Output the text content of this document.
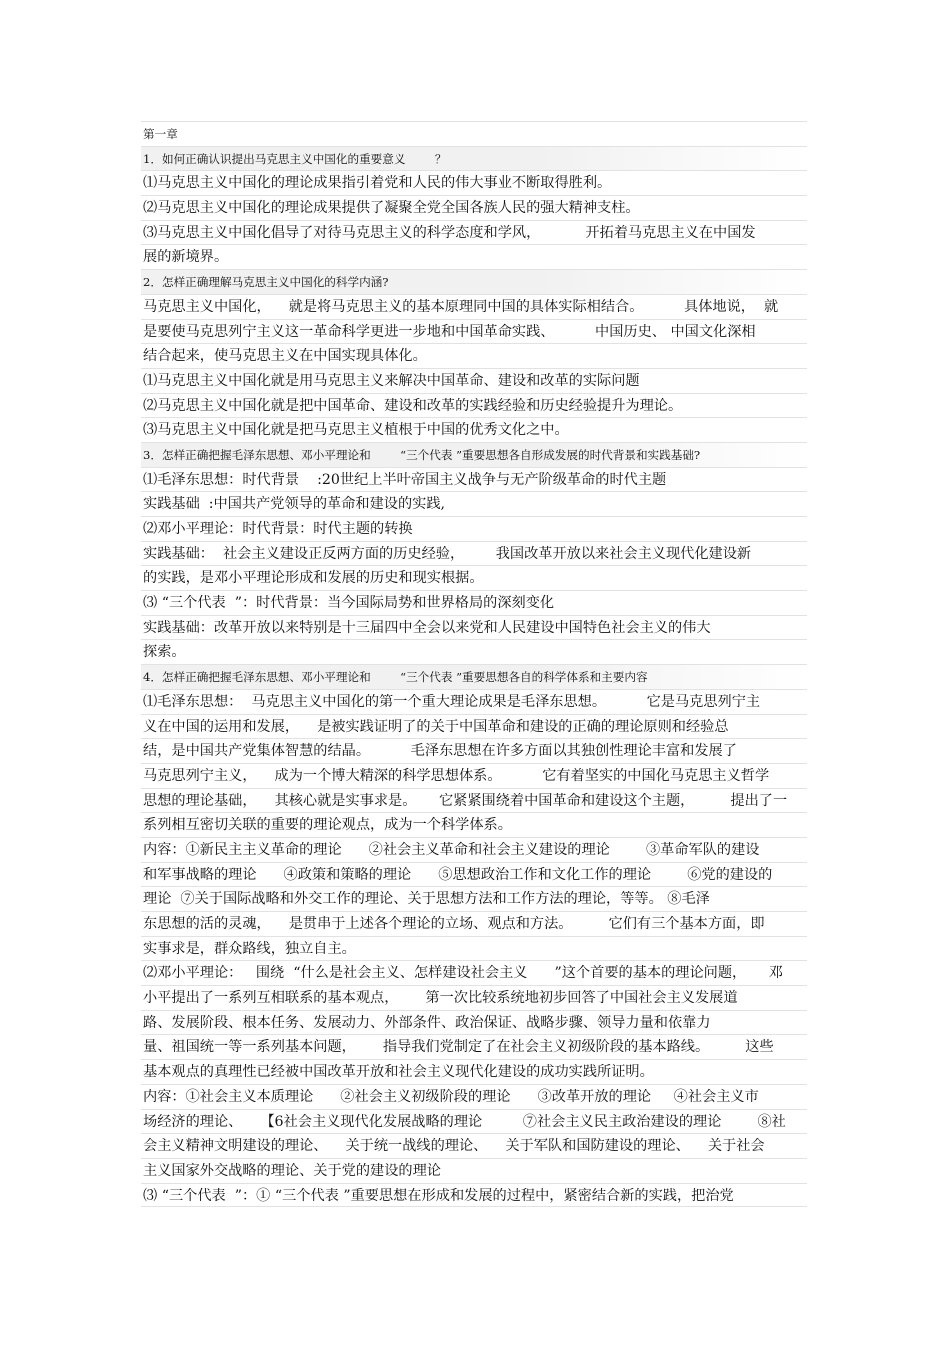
第一章
1．如何正确认识提出马克思主义中国化的重要意义        ？
⑴马克思主义中国化的理论成果指引着党和人民的伟大事业不断取得胜利。
⑵马克思主义中国化的理论成果提供了凝聚全党全国各族人民的强大精神支柱。
⑶马克思主义中国化倡导了对待马克思主义的科学态度和学风，          开拓着马克思主义在中国发
展的新境界。
2．怎样正确理解马克思主义中国化的科学内涵?
马克思主义中国化，    就是将马克思主义的基本原理同中国的具体实际相结合。         具体地说，  就
是要使马克思列宁主义这一革命科学更进一步地和中国革命实践、         中国历史、 中国文化深相
结合起来，使马克思主义在中国实现具体化。
⑴马克思主义中国化就是用马克思主义来解决中国革命、建设和改革的实际问题
⑵马克思主义中国化就是把中国革命、建设和改革的实践经验和历史经验提升为理论。
⑶马克思主义中国化就是把马克思主义植根于中国的优秀文化之中。
3．怎样正确把握毛泽东思想、邓小平理论和        “三个代表 ”重要思想各自形成发展的时代背景和实践基础?
⑴毛泽东思想：时代背景    :20世纪上半叶帝国主义战争与无产阶级革命的时代主题
实践基础  :中国共产党领导的革命和建设的实践,
⑵邓小平理论：时代背景：时代主题的转换
实践基础：  社会主义建设正反两方面的历史经验，       我国改革开放以来社会主义现代化建设新
的实践，是邓小平理论形成和发展的历史和现实根据。
⑶ “三个代表  ”：时代背景：当今国际局势和世界格局的深刻变化
实践基础：改革开放以来特别是十三届四中全会以来党和人民建设中国特色社会主义的伟大
探索。
4．怎样正确把握毛泽东思想、邓小平理论和        “三个代表 ”重要思想各自的科学体系和主要内容
⑴毛泽东思想：  马克思主义中国化的第一个重大理论成果是毛泽东思想。         它是马克思列宁主
义在中国的运用和发展，    是被实践证明了的关于中国革命和建设的正确的理论原则和经验总
结，是中国共产党集体智慧的结晶。         毛泽东思想在许多方面以其独创性理论丰富和发展了
马克思列宁主义，    成为一个博大精深的科学思想体系。         它有着坚实的中国化马克思主义哲学
思想的理论基础，    其核心就是实事求是。     它紧紧围绕着中国革命和建设这个主题，        提出了一
系列相互密切关联的重要的理论观点，成为一个科学体系。
内容：①新民主主义革命的理论      ②社会主义革命和社会主义建设的理论        ③革命军队的建设
和军事战略的理论      ④政策和策略的理论      ⑤思想政治工作和文化工作的理论        ⑥党的建设的
理论  ⑦关于国际战略和外交工作的理论、关于思想方法和工作方法的理论，等等。 ⑧毛泽
东思想的活的灵魂，    是贯串于上述各个理论的立场、观点和方法。        它们有三个基本方面，即
实事求是，群众路线，独立自主。
⑵邓小平理论：   围绕  “什么是社会主义、怎样建设社会主义      ”这个首要的基本的理论问题，     邓
小平提出了一系列互相联系的基本观点，      第一次比较系统地初步回答了中国社会主义发展道
路、发展阶段、根本任务、发展动力、外部条件、政治保证、战略步骤、领导力量和依靠力
量、祖国统一等一系列基本问题，      指导我们党制定了在社会主义初级阶段的基本路线。        这些
基本观点的真理性已经被中国改革开放和社会主义现代化建设的成功实践所证明。
内容：①社会主义本质理论      ②社会主义初级阶段的理论      ③改革开放的理论     ④社会主义市
场经济的理论、    【6社会主义现代化发展战略的理论         ⑦社会主义民主政治建设的理论        ⑧社
会主义精神文明建设的理论、    关于统一战线的理论、    关于军队和国防建设的理论、    关于社会
主义国家外交战略的理论、关于党的建设的理论
⑶ “三个代表  ”：① “三个代表 ”重要思想在形成和发展的过程中，紧密结合新的实践，把治党
